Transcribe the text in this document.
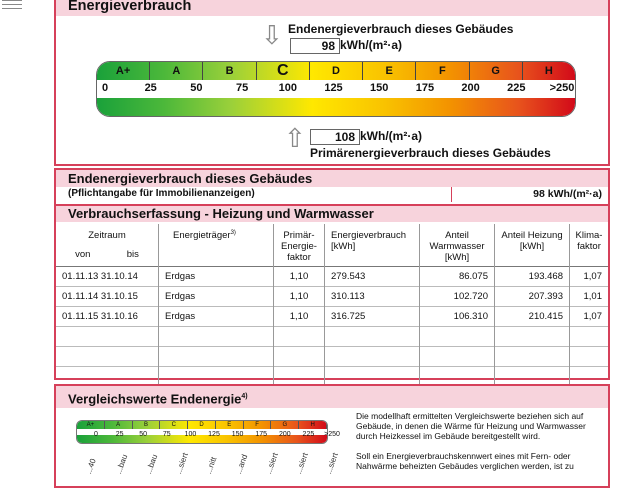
Energieverbrauch
⇩ Endenergieverbrauch dieses Gebäudes
98 kWh/(m²·a)
A+	A	B	C	D	E	F	G	H
0	25	50	75	100 125 150 175 200 225 >250
⇧	108 kWh/(m²·a)
Primärenergieverbrauch dieses Gebäudes
Endenergieverbrauch dieses Gebäudes
(Pflichtangabe für Immobilienanzeigen)	98 kWh/(m²·a)
Verbrauchserfassung - Heizung und Warmwasser
Zeitraum
von bis	Energieträger$^{3)}$	Primär-Energie-faktor	Energieverbrauch [kWh]	Anteil Warmwasser [kWh]	Anteil Heizung [kWh]	Klima-faktor
01.11.13 31.10.14	Erdgas	1,10	279.543	86.075	193.468	1,07
01.11.14 31.10.15	Erdgas	1,10	310.113	102.720	207.393	1,01
01.11.15 31.10.16	Erdgas	1,10	316.725	106.310	210.415	1,07

Vergleichswerte Endenergie$^{4)}$
A+	A	B	C	D	E	F	G	H
0	25 50 75 100 125 150 175 200 225 >250
...40 ...bau ...bau ...siert ...nitt ...and ...siert ...siert ...siert
Die modellhaft ermittelten Vergleichswerte beziehen sich auf Gebäude, in denen die Wärme für Heizung und Warmwasser durch Heizkessel im Gebäude bereitgestellt wird.
Soll ein Energieverbrauchskennwert eines mit Fern- oder Nahwärme beheizten Gebäudes verglichen werden, ist zu
